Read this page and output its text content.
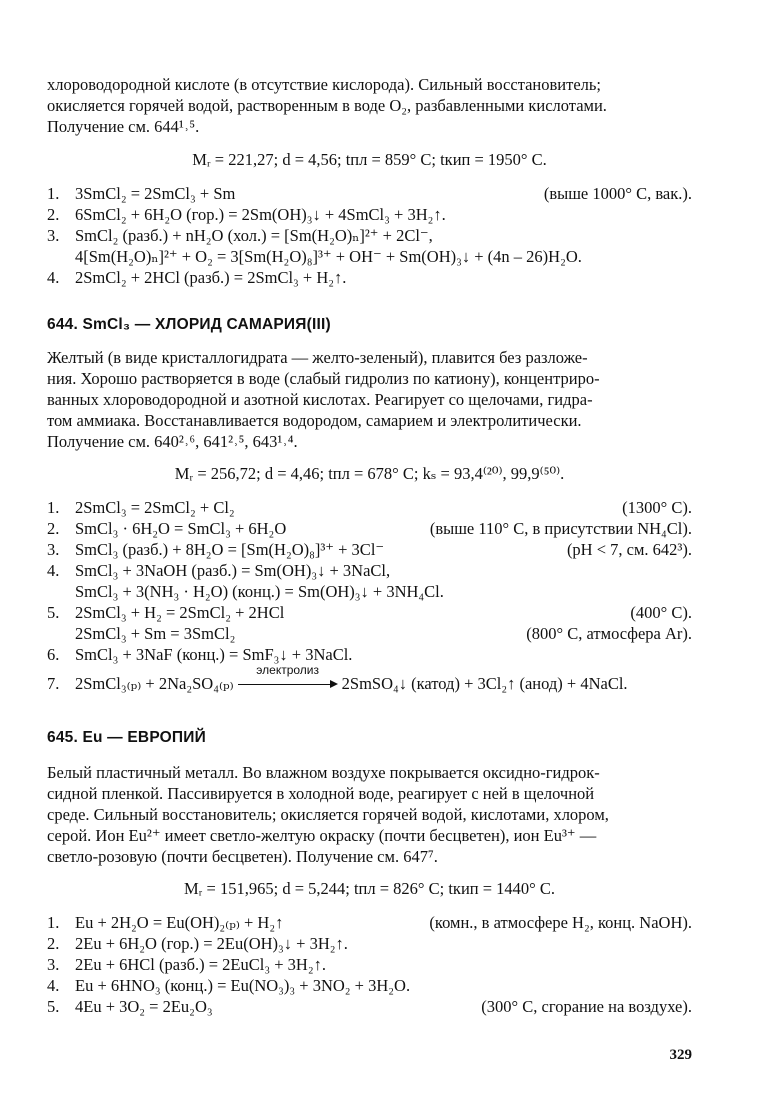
хлороводородной кислоте (в отсутствие кислорода). Сильный восстановитель;

окисляется горячей водой, растворенным в воде O₂, разбавленными кислотами.

Получение см. 644¹˒⁵.

Mᵣ = 221,27; d = 4,56; tпл = 859° C; tкип = 1950° C.

1. 3SmCl₂ = 2SmCl₃ + Sm	(выше 1000° C, вак.).
2. 6SmCl₂ + 6H₂O (гор.) = 2Sm(OH)₃↓ + 4SmCl₃ + 3H₂↑.
3. SmCl₂ (разб.) + nH₂O (хол.) = [Sm(H₂O)ₙ]²⁺ + 2Cl⁻,
4[Sm(H₂O)ₙ]²⁺ + O₂ = 3[Sm(H₂O)₈]³⁺ + OH⁻ + Sm(OH)₃↓ + (4n – 26)H₂O.
4. 2SmCl₂ + 2HCl (разб.) = 2SmCl₃ + H₂↑.

644. SmCl₃ — ХЛОРИД САМАРИЯ(III)

Желтый (в виде кристаллогидрата — желто-зеленый), плавится без разложе-

ния. Хорошо растворяется в воде (слабый гидролиз по катиону), концентриро-

ванных хлороводородной и азотной кислотах. Реагирует со щелочами, гидра-

том аммиака. Восстанавливается водородом, самарием и электролитически.

Получение см. 640²˒⁶, 641²˒⁵, 643¹˒⁴.

Mᵣ = 256,72; d = 4,46; tпл = 678° C; kₛ = 93,4⁽²⁰⁾, 99,9⁽⁵⁰⁾.

1. 2SmCl₃ = 2SmCl₂ + Cl₂	(1300° C).
2. SmCl₃ · 6H₂O = SmCl₃ + 6H₂O	(выше 110° C, в присутствии NH₄Cl).
3. SmCl₃ (разб.) + 8H₂O = [Sm(H₂O)₈]³⁺ + 3Cl⁻	(pH < 7, см. 642³).
4. SmCl₃ + 3NaOH (разб.) = Sm(OH)₃↓ + 3NaCl,
SmCl₃ + 3(NH₃ · H₂O) (конц.) = Sm(OH)₃↓ + 3NH₄Cl.
5. 2SmCl₃ + H₂ = 2SmCl₂ + 2HCl	(400° C).
2SmCl₃ + Sm = 3SmCl₂	(800° C, атмосфера Ar).
6. SmCl₃ + 3NaF (конц.) = SmF₃↓ + 3NaCl.
7. 2SmCl₃₍ₚ₎ + 2Na₂SO₄₍ₚ₎
электролиз
2SmSO₄↓ (катод) + 3Cl₂↑ (анод) + 4NaCl.

645. Eu — ЕВРОПИЙ

Белый пластичный металл. Во влажном воздухе покрывается оксидно-гидрок-

сидной пленкой. Пассивируется в холодной воде, реагирует с ней в щелочной

среде. Сильный восстановитель; окисляется горячей водой, кислотами, хлором,

серой. Ион Eu²⁺ имеет светло-желтую окраску (почти бесцветен), ион Eu³⁺ —

светло-розовую (почти бесцветен). Получение см. 647⁷.

Mᵣ = 151,965; d = 5,244; tпл = 826° C; tкип = 1440° C.

1. Eu + 2H₂O = Eu(OH)₂₍ₚ₎ + H₂↑	(комн., в атмосфере H₂, конц. NaOH).
2. 2Eu + 6H₂O (гор.) = 2Eu(OH)₃↓ + 3H₂↑.
3. 2Eu + 6HCl (разб.) = 2EuCl₃ + 3H₂↑.
4. Eu + 6HNO₃ (конц.) = Eu(NO₃)₃ + 3NO₂ + 3H₂O.
5. 4Eu + 3O₂ = 2Eu₂O₃	(300° C, сгорание на воздухе).
329
